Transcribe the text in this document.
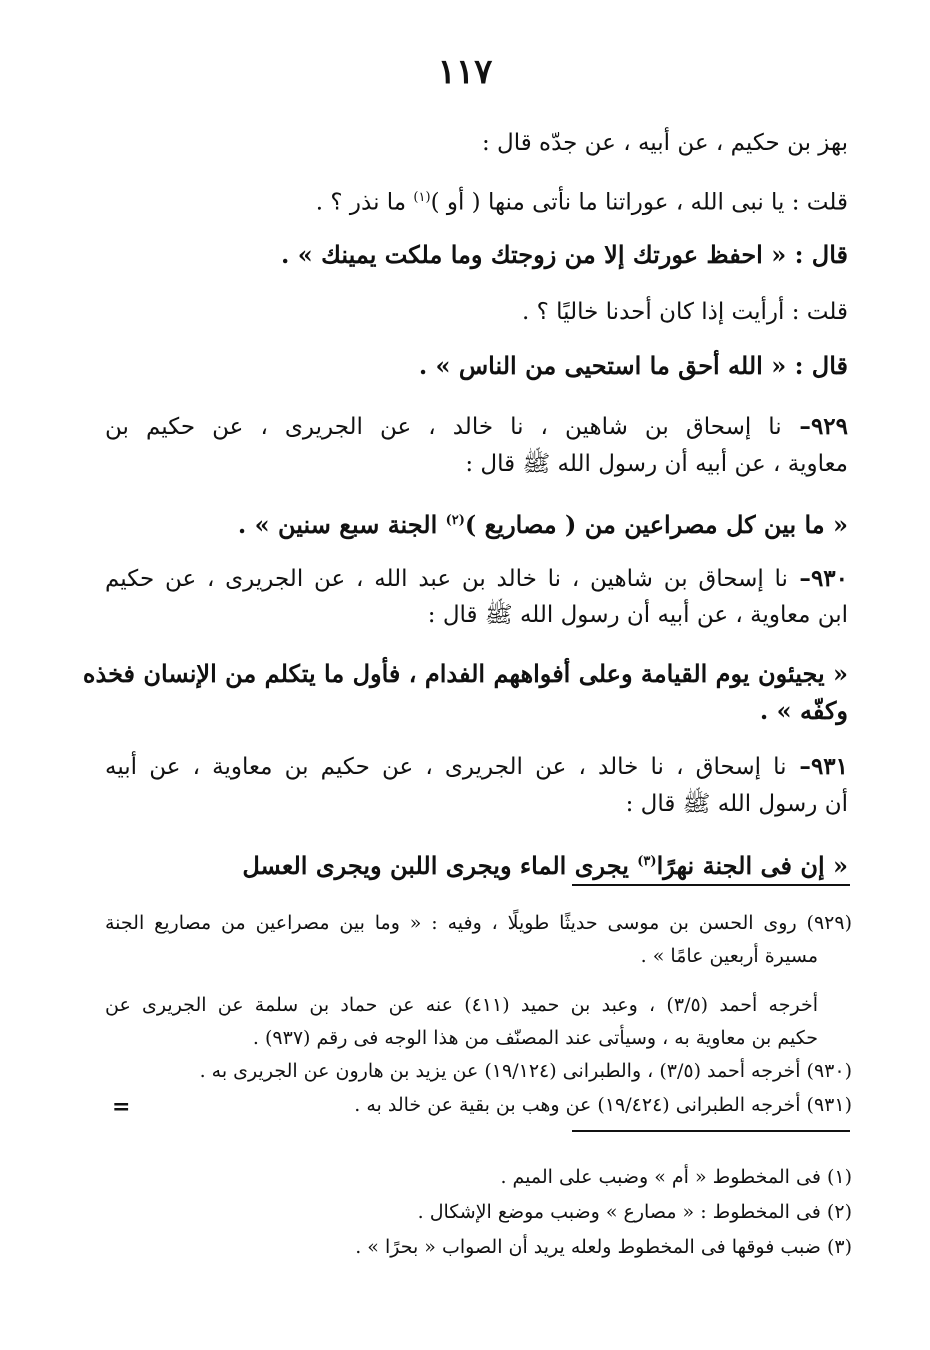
١١٧
بهز بن حكيم ، عن أبيه ، عن جدّه قال :
قلت : يا نبى الله ، عوراتنا ما نأتى منها ( أو )$^{(١)}$ ما نذر ؟ .
قال : « احفظ عورتك إلا من زوجتك وما ملكت يمينك » .
قلت : أرأيت إذا كان أحدنا خاليًا ؟ .
قال : « الله أحق ما استحيى من الناس » .
٩٢٩– نا إسحاق بن شاهين ، نا خالد ، عن الجريرى ، عن حكيم بن
معاوية ، عن أبيه أن رسول الله ﷺ قال :
« ما بين كل مصراعين من ( مصاريع )$^{(٢)}$ الجنة سبع سنين » .
٩٣٠– نا إسحاق بن شاهين ، نا خالد بن عبد الله ، عن الجريرى ، عن حكيم
ابن معاوية ، عن أبيه أن رسول الله ﷺ قال :
« يجيئون يوم القيامة وعلى أفواههم الفدام ، فأول ما يتكلم من الإنسان فخذه
وكفّه » .
٩٣١– نا إسحاق ، نا خالد ، عن الجريرى ، عن حكيم بن معاوية ، عن أبيه
أن رسول الله ﷺ قال :
« إن فى الجنة نهرًا$^{(٣)}$ يجرى الماء ويجرى اللبن ويجرى العسل
(٩٢٩) روى الحسن بن موسى حديثًا طويلًا ، وفيه : « وما بين مصراعين من مصاريع الجنة
مسيرة أربعين عامًا » .
أخرجه أحمد (٣/٥) ، وعبد بن حميد (٤١١) عنه عن حماد بن سلمة عن الجريرى عن
حكيم بن معاوية به ، وسيأتى عند المصنّف من هذا الوجه فى رقم (٩٣٧) .
(٩٣٠) أخرجه أحمد (٣/٥) ، والطبرانى (١٩/١٢٤) عن يزيد بن هارون عن الجريرى به .
(٩٣١) أخرجه الطبرانى (١٩/٤٢٤) عن وهب بن بقية عن خالد به .
=
(١) فى المخطوط « أم » وضبب على الميم .
(٢) فى المخطوط : « مصارع » وضبب موضع الإشكال .
(٣) ضبب فوقها فى المخطوط ولعله يريد أن الصواب « بحرًا » .
